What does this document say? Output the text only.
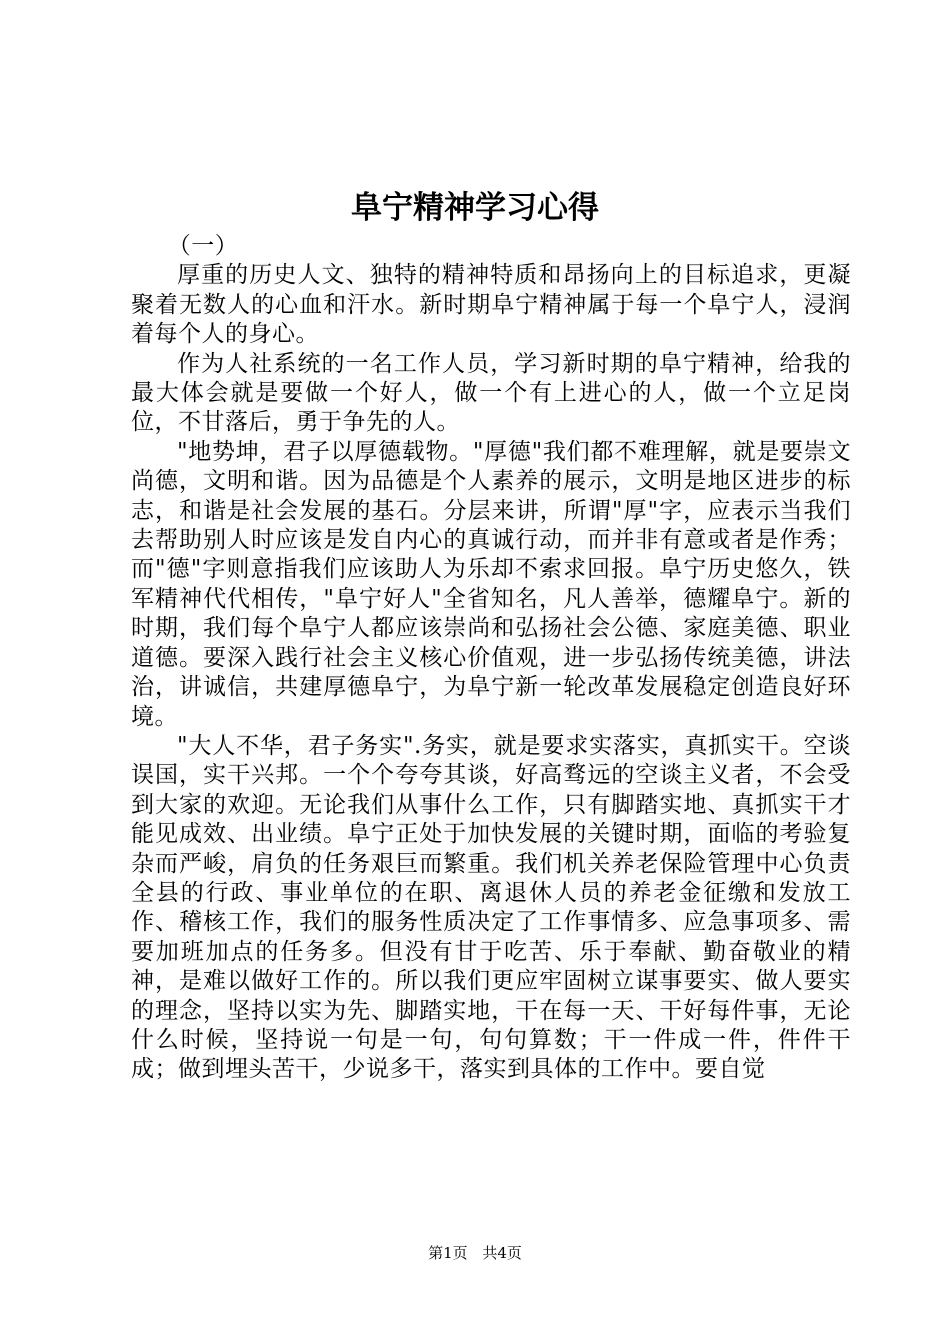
阜宁精神学习心得

（一）

厚重的历史人文、独特的精神特质和昂扬向上的目标追求，更凝聚着无数人的心血和汗水。新时期阜宁精神属于每一个阜宁人，浸润着每个人的身心。

作为人社系统的一名工作人员，学习新时期的阜宁精神，给我的最大体会就是要做一个好人，做一个有上进心的人，做一个立足岗位，不甘落后，勇于争先的人。

"地势坤，君子以厚德载物。"厚德"我们都不难理解，就是要崇文尚德，文明和谐。因为品德是个人素养的展示，文明是地区进步的标志，和谐是社会发展的基石。分层来讲，所谓"厚"字，应表示当我们去帮助别人时应该是发自内心的真诚行动，而并非有意或者是作秀；而"德"字则意指我们应该助人为乐却不索求回报。阜宁历史悠久，铁军精神代代相传，"阜宁好人"全省知名，凡人善举，德耀阜宁。新的时期，我们每个阜宁人都应该崇尚和弘扬社会公德、家庭美德、职业道德。要深入践行社会主义核心价值观，进一步弘扬传统美德，讲法治，讲诚信，共建厚德阜宁，为阜宁新一轮改革发展稳定创造良好环境。

"大人不华，君子务实".务实，就是要求实落实，真抓实干。空谈误国，实干兴邦。一个个夸夸其谈，好高骛远的空谈主义者，不会受到大家的欢迎。无论我们从事什么工作，只有脚踏实地、真抓实干才能见成效、出业绩。阜宁正处于加快发展的关键时期，面临的考验复杂而严峻，肩负的任务艰巨而繁重。我们机关养老保险管理中心负责全县的行政、事业单位的在职、离退休人员的养老金征缴和发放工作、稽核工作，我们的服务性质决定了工作事情多、应急事项多、需要加班加点的任务多。但没有甘于吃苦、乐于奉献、勤奋敬业的精神，是难以做好工作的。所以我们更应牢固树立谋事要实、做人要实的理念，坚持以实为先、脚踏实地，干在每一天、干好每件事，无论什么时候，坚持说一句是一句，句句算数；干一件成一件，件件干成；做到埋头苦干，少说多干，落实到具体的工作中。要自觉

第1页 共4页
